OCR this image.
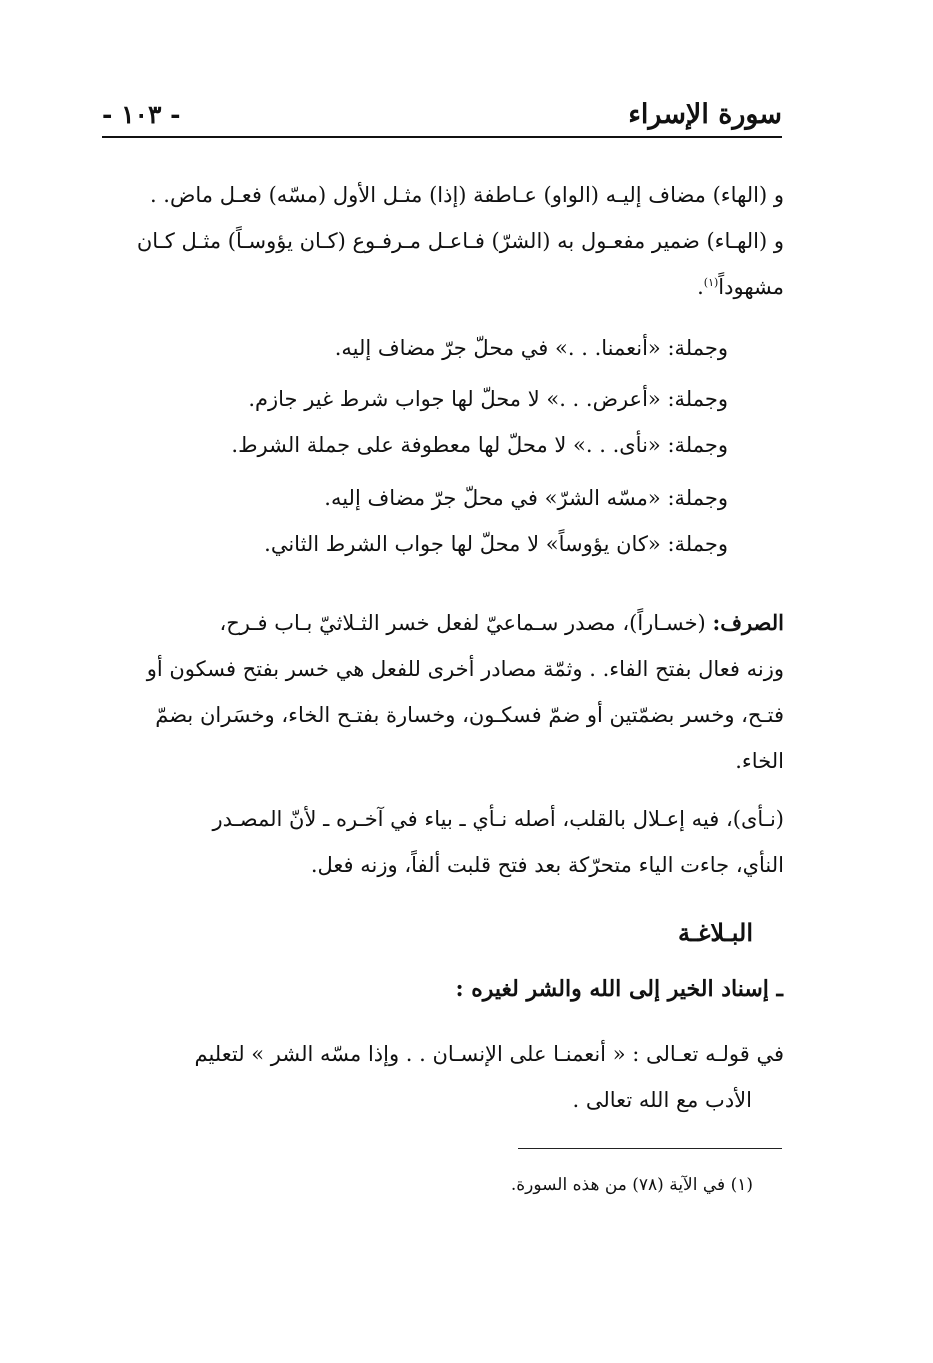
سورة الإسراء
- ١٠٣ -
و (الهاء) مضاف إليـه (الواو) عـاطفة (إذا) مثـل الأول (مسّه) فعـل ماض. .
و (الهـاء) ضمير مفعـول به (الشرّ) فـاعـل مـرفـوع (كـان يؤوسـاً) مثـل كـان
مشهوداً$^{(١)}$.
وجملة: «أنعمنا. . .» في محلّ جرّ مضاف إليه.
وجملة: «أعرض. . .» لا محلّ لها جواب شرط غير جازم.
وجملة: «نأى. . .» لا محلّ لها معطوفة على جملة الشرط.
وجملة: «مسّه الشرّ» في محلّ جرّ مضاف إليه.
وجملة: «كان يؤوساً» لا محلّ لها جواب الشرط الثاني.
الصرف: (خسـاراً)، مصدر سـماعيّ لفعل خسر الثـلاثيّ بـاب فـرح،
وزنه فعال بفتح الفاء. . وثمّة مصادر أخرى للفعل هي خسر بفتح فسكون أو
فتـح، وخسر بضمّتين أو ضمّ فسكـون، وخسارة بفتـح الخاء، وخسَران بضمّ
الخاء.
(نـأى)، فيه إعـلال بالقلب، أصله نـأي ـ بياء في آخـره ـ لأنّ المصـدر
النأي، جاءت الياء متحرّكة بعد فتح قلبت ألفاً، وزنه فعل.
البـلاغـة
ـ إسناد الخير إلى الله والشر لغيره :
في قولـه تعـالى : « أنعمنـا على الإنسـان . . وإذا مسّه الشر » لتعليم
الأدب مع الله تعالى .
(١) في الآية (٧٨) من هذه السورة.
